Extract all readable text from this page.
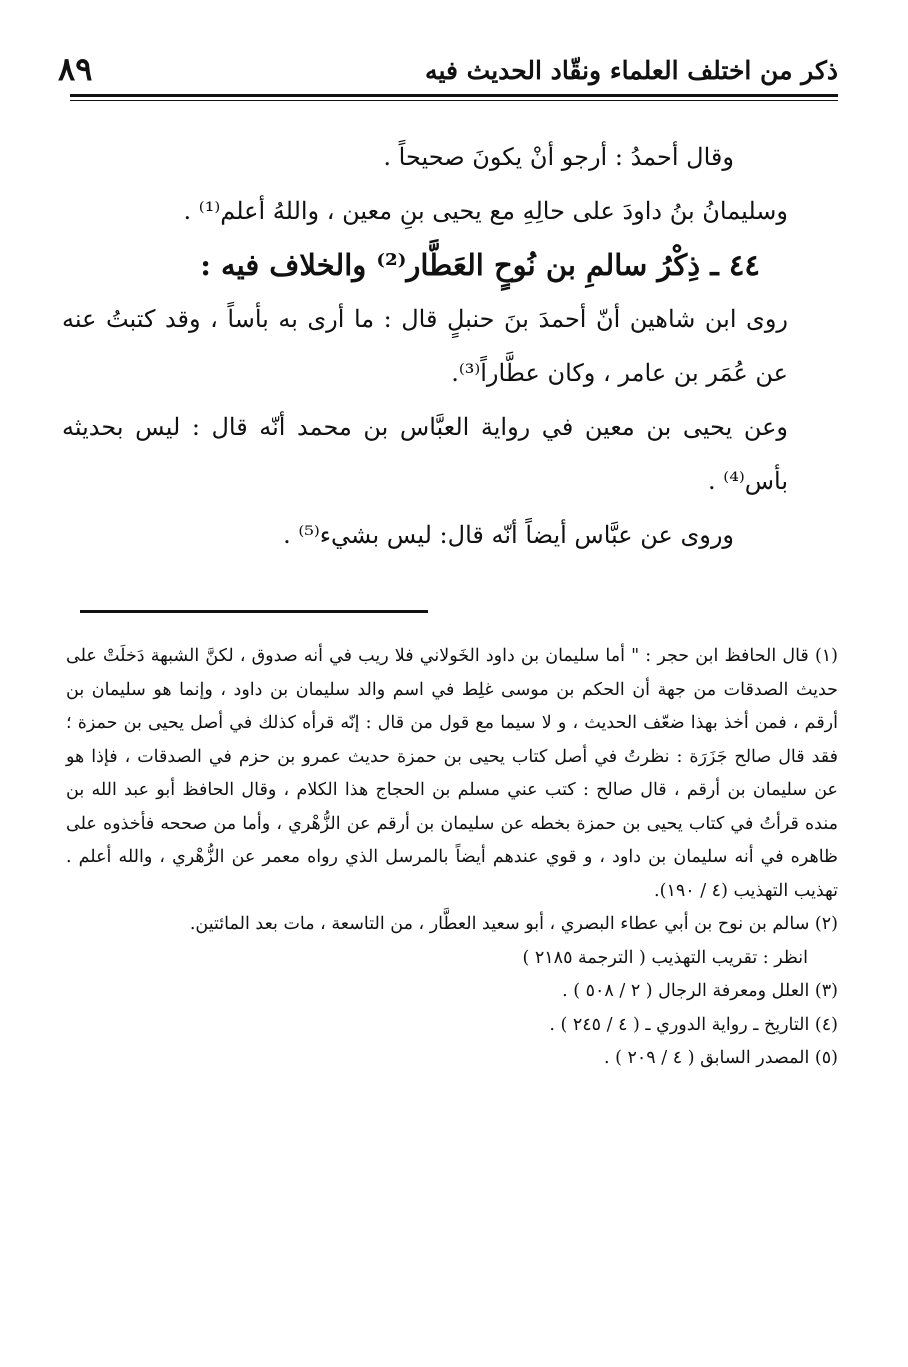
ذكر من اختلف العلماء ونقّاد الحديث فيه
٨٩

وقال أحمدُ : أرجو أنْ يكونَ صحيحاً .

وسليمانُ بنُ داودَ على حالِهِ مع يحيى بنِ معين ، واللهُ أعلم⁽¹⁾ .

٤٤ ـ ذِكْرُ سالمِ بن نُوحٍ العَطَّار⁽²⁾ والخلاف فيه :

روى ابن شاهين أنّ أحمدَ بنَ حنبلٍ قال : ما أرى به بأساً ، وقد كتبتُ عنه عن عُمَر بن عامر ، وكان عطَّاراً⁽³⁾.

وعن يحيى بن معين في رواية العبَّاس بن محمد أنّه قال : ليس بحديثه بأس⁽⁴⁾ .

وروى عن عبَّاس أيضاً أنّه قال: ليس بشيء⁽⁵⁾ .

(١) قال الحافظ ابن حجر : " أما سليمان بن داود الخَولاني فلا ريب في أنه صدوق ، لكنَّ الشبهة دَخلَتْ على حديث الصدقات من جهة أن الحكم بن موسى غلِط في اسم والد سليمان بن داود ، وإنما هو سليمان بن أرقم ، فمن أخذ بهذا ضعّف الحديث ، و لا سيما مع قول من قال : إنّه قرأه كذلك في أصل يحيى بن حمزة ؛ فقد قال صالح جَزَرَة : نظرتُ في أصل كتاب يحيى بن حمزة حديث عمرو بن حزم في الصدقات ، فإذا هو عن سليمان بن أرقم ، قال صالح : كتب عني مسلم بن الحجاج هذا الكلام ، وقال الحافظ أبو عبد الله بن منده قرأتُ في كتاب يحيى بن حمزة بخطه عن سليمان بن أرقم عن الزُّهْري ، وأما من صححه فأخذوه على ظاهره في أنه سليمان بن داود ، و قوي عندهم أيضاً بالمرسل الذي رواه معمر عن الزُّهْري ، والله أعلم . تهذيب التهذيب (٤ / ١٩٠).

(٢) سالم بن نوح بن أبي عطاء البصري ، أبو سعيد العطَّار ، من التاسعة ، مات بعد المائتين.

انظر : تقريب التهذيب ( الترجمة ٢١٨٥ )

(٣) العلل ومعرفة الرجال ( ٢ / ٥٠٨ ) .

(٤) التاريخ ـ رواية الدوري ـ ( ٤ / ٢٤٥ ) .

(٥) المصدر السابق ( ٤ / ٢٠٩ ) .
